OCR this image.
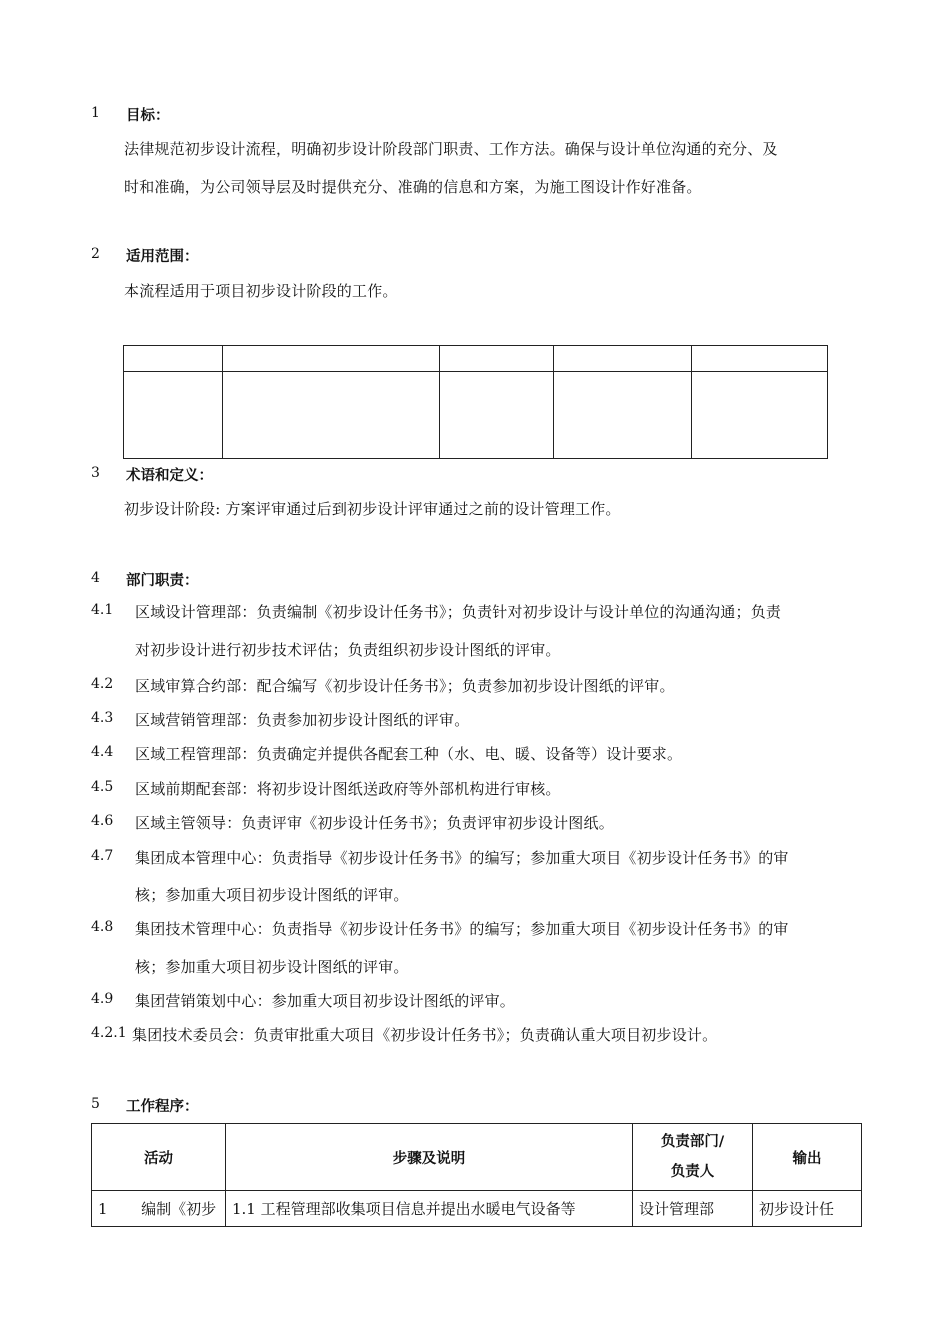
1 目标：
法律规范初步设计流程，明确初步设计阶段部门职责、工作方法。确保与设计单位沟通的充分、及
时和准确，为公司领导层及时提供充分、准确的信息和方案，为施工图设计作好准备。
2 适用范围：
本流程适用于项目初步设计阶段的工作。

3 术语和定义：
初步设计阶段: 方案评审通过后到初步设计评审通过之前的设计管理工作。
4 部门职责：
4.1 区域设计管理部：负责编制《初步设计任务书》；负责针对初步设计与设计单位的沟通沟通；负责
对初步设计进行初步技术评估；负责组织初步设计图纸的评审。
4.2 区域审算合约部：配合编写《初步设计任务书》；负责参加初步设计图纸的评审。
4.3 区域营销管理部：负责参加初步设计图纸的评审。
4.4 区域工程管理部：负责确定并提供各配套工种（水、电、暖、设备等）设计要求。
4.5 区域前期配套部：将初步设计图纸送政府等外部机构进行审核。
4.6 区域主管领导：负责评审《初步设计任务书》；负责评审初步设计图纸。
4.7 集团成本管理中心：负责指导《初步设计任务书》的编写；参加重大项目《初步设计任务书》的审
核；参加重大项目初步设计图纸的评审。
4.8 集团技术管理中心：负责指导《初步设计任务书》的编写；参加重大项目《初步设计任务书》的审
核；参加重大项目初步设计图纸的评审。
4.9 集团营销策划中心：参加重大项目初步设计图纸的评审。
4.2.1 集团技术委员会：负责审批重大项目《初步设计任务书》；负责确认重大项目初步设计。
5 工作程序：
活动	步骤及说明	负责部门/
负责人	输出
1 编制《初步	1.1 工程管理部收集项目信息并提出水暖电气设备等	设计管理部	初步设计任
